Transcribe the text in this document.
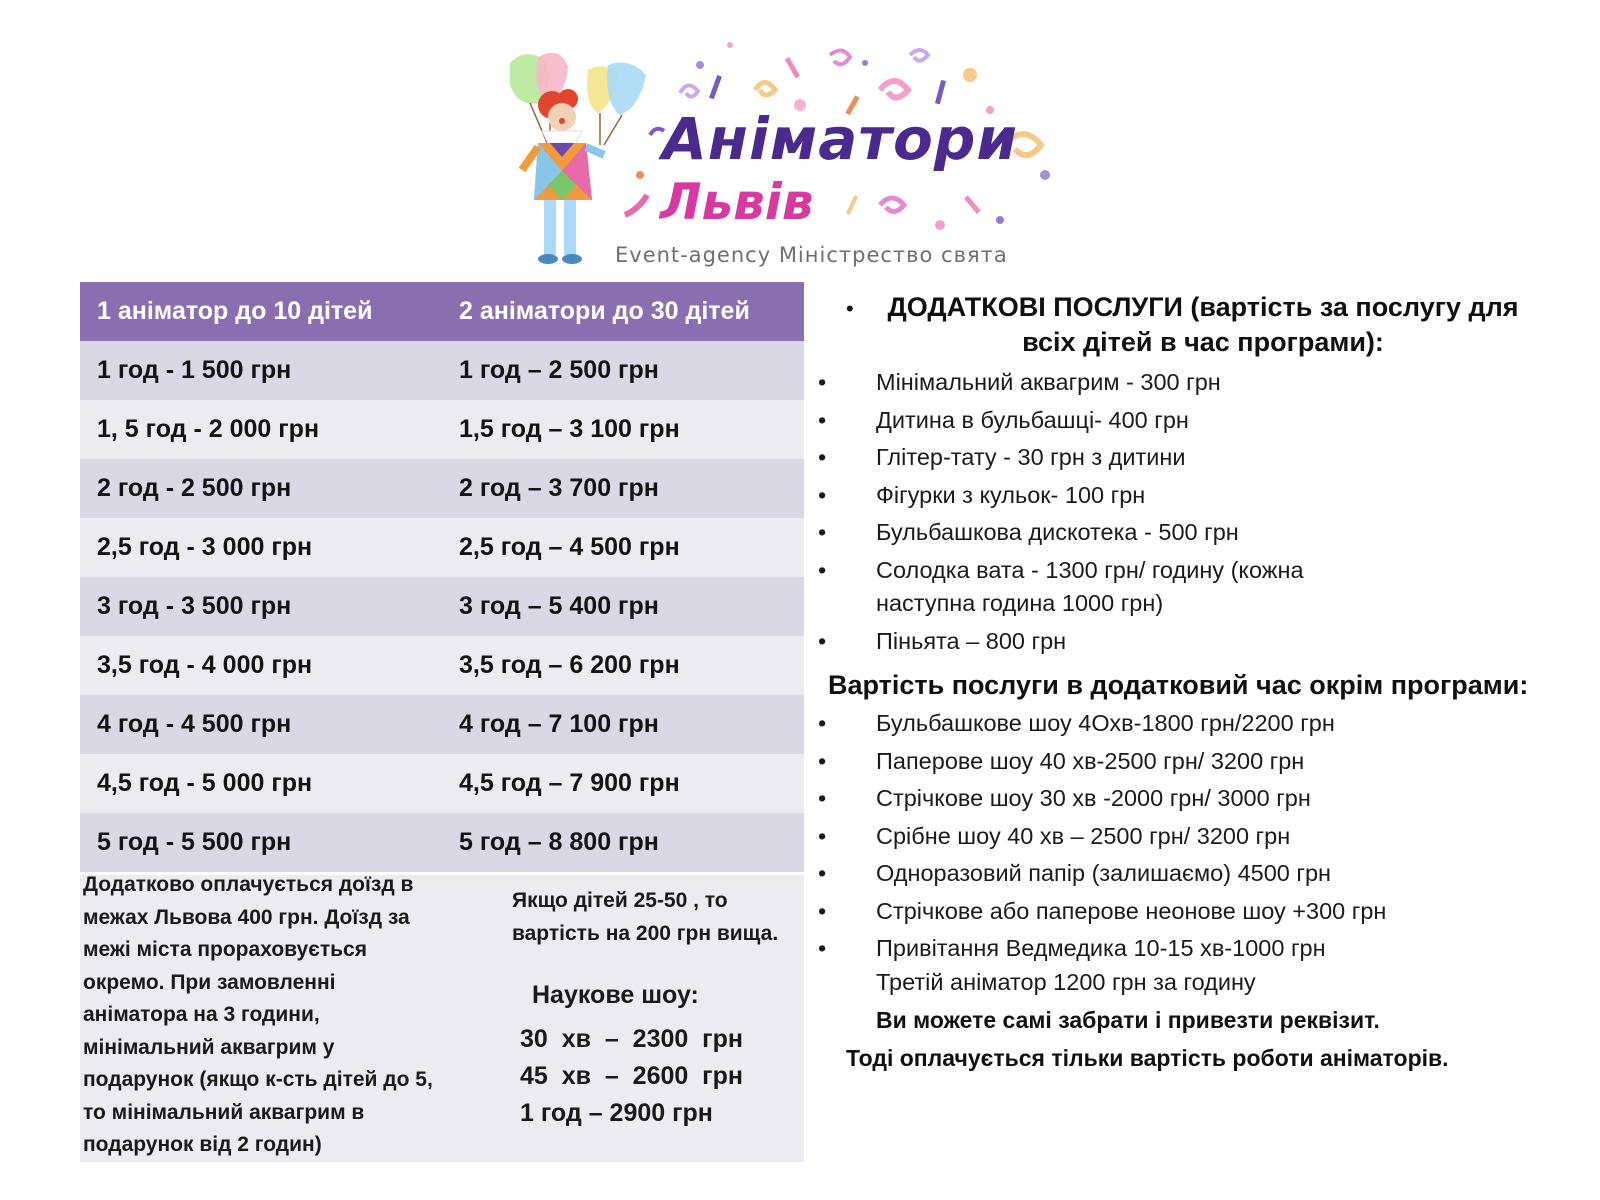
Аніматори
Львів
Event-agency Міністрество свята
1 аніматор до 10 дітей	2 аніматори до 30 дітей
1 год - 1 500 грн	1 год – 2 500 грн
1, 5 год - 2 000 грн	1,5 год – 3 100 грн
2 год - 2 500 грн	2 год – 3 700 грн
2,5 год - 3 000 грн	2,5 год – 4 500 грн
3 год - 3 500 грн	3 год – 5 400 грн
3,5 год - 4 000 грн	3,5 год – 6 200 грн
4 год - 4 500 грн	4 год – 7 100 грн
4,5 год - 5 000 грн	4,5 год – 7 900 грн
5 год - 5 500 грн	5 год – 8 800 грн
Додатково оплачується доїзд в
межах Львова 400 грн. Доїзд за
межі міста прораховується
окремо. При замовленні
аніматора на 3 години,
мінімальний аквагрим у
подарунок (якщо к-сть дітей до 5,
то мінімальний аквагрим в
подарунок від 2 годин)
Якщо дітей 25-50 , то
вартість на 200 грн вища.
Наукове шоу:
30  хв  –  2300  грн
45  хв  –  2600  грн
1 год – 2900 грн
•	ДОДАТКОВІ ПОСЛУГИ (вартість за послугу для
всіх дітей в час програми):
• Мінімальний аквагрим - 300 грн
• Дитина в бульбашці- 400 грн
• Глітер-тату - 30 грн з дитини
• Фігурки з кульок- 100 грн
• Бульбашкова дискотека - 500 грн
• Солодка вата - 1300 грн/ годину (кожна наступна година 1000 грн)
• Піньята – 800 грн
Вартість послуги в додатковий час окрім програми:
• Бульбашкове шоу 4Охв-1800 грн/2200 грн
• Паперове шоу 40 хв-2500 грн/ 3200 грн
• Стрічкове шоу 30 хв -2000 грн/ 3000 грн
• Срібне шоу 40 хв – 2500 грн/ 3200 грн
• Одноразовий папір (залишаємо) 4500 грн
• Стрічкове або паперове неонове шоу +300 грн
• Привітання Ведмедика 10-15 хв-1000 грн
Третій аніматор 1200 грн за годину
Ви можете самі забрати і привезти реквізит.
Тоді оплачується тільки вартість роботи аніматорів.
